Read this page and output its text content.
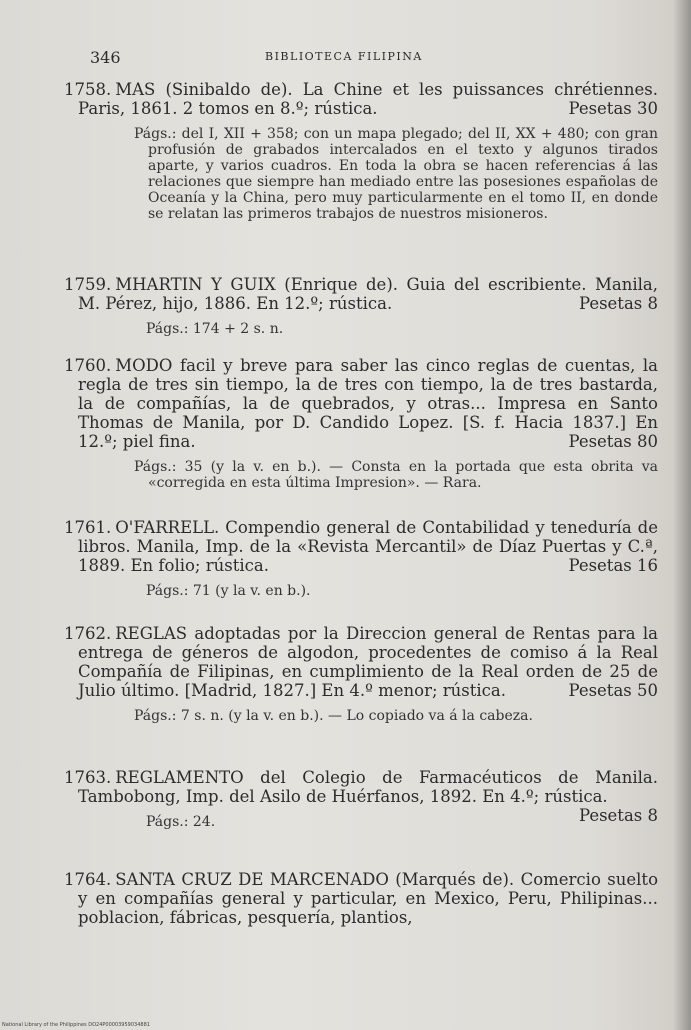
346	BIBLIOTECA FILIPINA
1758. MAS (Sinibaldo de). La Chine et les puissances chrétiennes. Paris, 1861. 2 tomos en 8.º; rústica.	Pesetas 30
Págs.: del I, XII + 358; con un mapa plegado; del II, XX + 480; con gran profusión de grabados intercalados en el texto y algunos tirados aparte, y varios cuadros. En toda la obra se hacen referencias á las relaciones que siempre han mediado entre las posesiones españolas de Oceanía y la China, pero muy particularmente en el tomo II, en donde se relatan las primeros trabajos de nuestros misioneros.
1759. MHARTIN Y GUIX (Enrique de). Guia del escribiente. Manila, M. Pérez, hijo, 1886. En 12.º; rústica.	Pesetas 8
Págs.: 174 + 2 s. n.
1760. MODO facil y breve para saber las cinco reglas de cuentas, la regla de tres sin tiempo, la de tres con tiempo, la de tres bastarda, la de compañías, la de quebrados, y otras... Impresa en Santo Thomas de Manila, por D. Candido Lopez. [S. f. Hacia 1837.] En 12.º; piel fina.	Pesetas 80
Págs.: 35 (y la v. en b.). — Consta en la portada que esta obrita va «corregida en esta última Impresion». — Rara.
1761. O'FARRELL. Compendio general de Contabilidad y teneduría de libros. Manila, Imp. de la «Revista Mercantil» de Díaz Puertas y C.ª, 1889. En folio; rústica.	Pesetas 16
Págs.: 71 (y la v. en b.).
1762. REGLAS adoptadas por la Direccion general de Rentas para la entrega de géneros de algodon, procedentes de comiso á la Real Compañía de Filipinas, en cumplimiento de la Real orden de 25 de Julio último. [Madrid, 1827.] En 4.º menor; rústica.	Pesetas 50
Págs.: 7 s. n. (y la v. en b.). — Lo copiado va á la cabeza.
1763. REGLAMENTO del Colegio de Farmacéuticos de Manila. Tambobong, Imp. del Asilo de Huérfanos, 1892. En 4.º; rústica.
Pesetas 8
Págs.: 24.
1764. SANTA CRUZ DE MARCENADO (Marqués de). Comercio suelto y en compañías general y particular, en Mexico, Peru, Philipinas... poblacion, fábricas, pesquería, plantios,
National Library of the Philippines DO24P00003959034881
